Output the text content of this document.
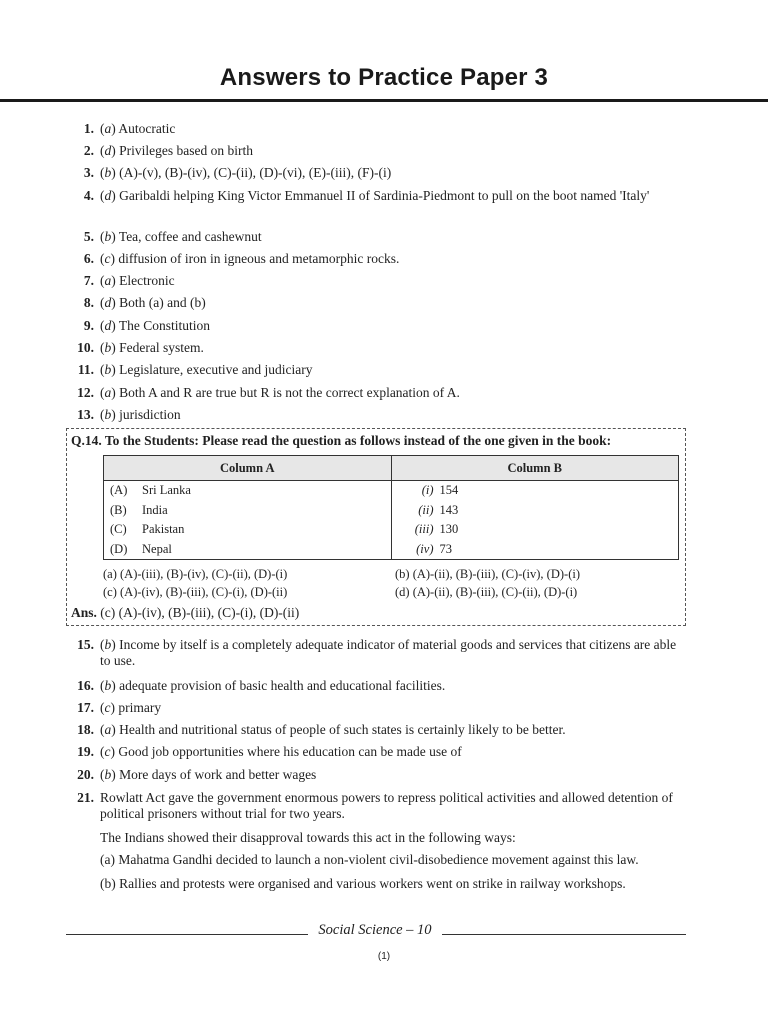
Answers to Practice Paper 3
1. (a) Autocratic
2. (d) Privileges based on birth
3. (b) (A)-(v), (B)-(iv), (C)-(ii), (D)-(vi), (E)-(iii), (F)-(i)
4. (d) Garibaldi helping King Victor Emmanuel II of Sardinia-Piedmont to pull on the boot named 'Italy'
5. (b) Tea, coffee and cashewnut
6. (c) diffusion of iron in igneous and metamorphic rocks.
7. (a) Electronic
8. (d) Both (a) and (b)
9. (d) The Constitution
10. (b) Federal system.
11. (b) Legislature, executive and judiciary
12. (a) Both A and R are true but R is not the correct explanation of A.
13. (b) jurisdiction
Q.14. To the Students: Please read the question as follows instead of the one given in the book:
Column A	Column B
(A) Sri Lanka	(i) 154
(B) India	(ii) 143
(C) Pakistan	(iii) 130
(D) Nepal	(iv) 73
(a) (A)-(iii), (B)-(iv), (C)-(ii), (D)-(i)	(b) (A)-(ii), (B)-(iii), (C)-(iv), (D)-(i)
(c) (A)-(iv), (B)-(iii), (C)-(i), (D)-(ii)	(d) (A)-(ii), (B)-(iii), (C)-(ii), (D)-(i)
Ans. (c) (A)-(iv), (B)-(iii), (C)-(i), (D)-(ii)
15. (b) Income by itself is a completely adequate indicator of material goods and services that citizens are able to use.
16. (b) adequate provision of basic health and educational facilities.
17. (c) primary
18. (a) Health and nutritional status of people of such states is certainly likely to be better.
19. (c) Good job opportunities where his education can be made use of
20. (b) More days of work and better wages
21. Rowlatt Act gave the government enormous powers to repress political activities and allowed detention of political prisoners without trial for two years.
The Indians showed their disapproval towards this act in the following ways:
(a) Mahatma Gandhi decided to launch a non-violent civil-disobedience movement against this law.
(b) Rallies and protests were organised and various workers went on strike in railway workshops.
Social Science – 10
(1)
